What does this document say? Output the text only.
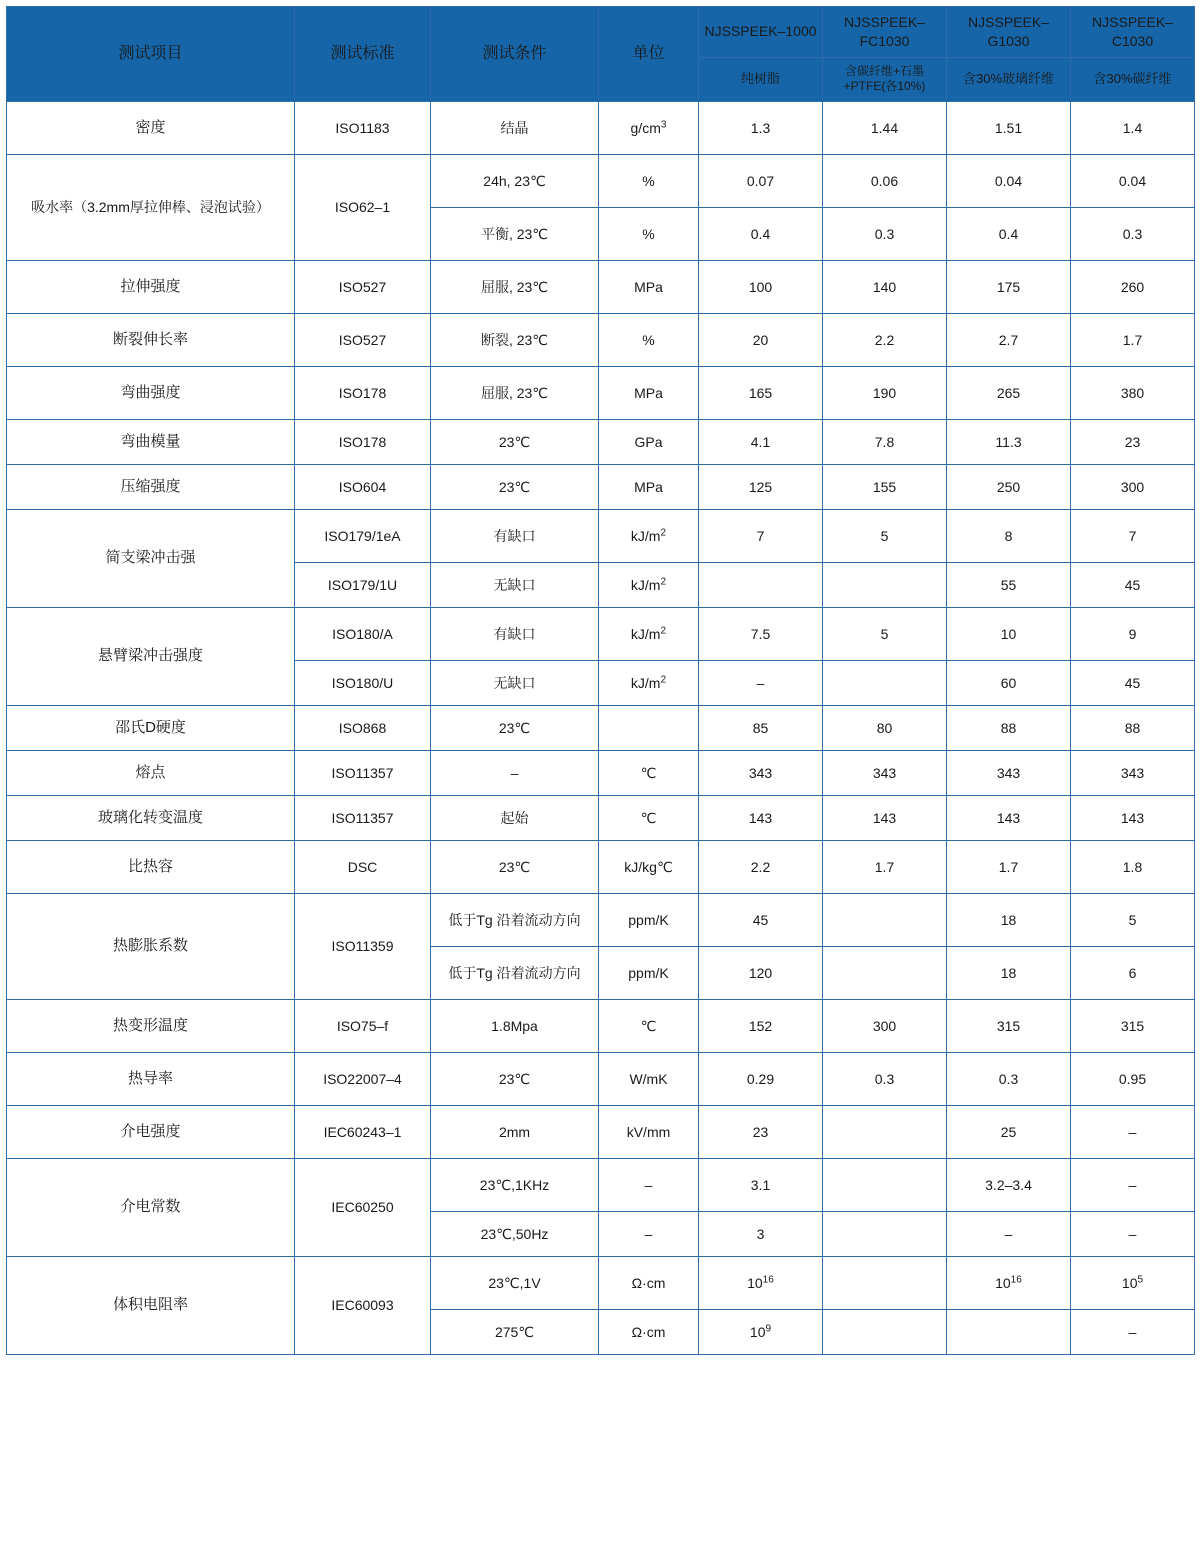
测试项目	测试标准	测试条件	单位	NJSSPEEK–1000	NJSSPEEK–FC1030	NJSSPEEK–G1030	NJSSPEEK–C1030
				纯树脂	含碳纤维+石墨+PTFE(各10%)	含30%玻璃纤维	含30%碳纤维
密度	ISO1183	结晶	$g/cm^3$	1.3	1.44	1.51	1.4
吸水率（3.2mm厚拉伸棒、浸泡试验）	ISO62–1	24h, 23℃	%	0.07	0.06	0.04	0.04
		平衡, 23℃	%	0.4	0.3	0.4	0.3
拉伸强度	ISO527	屈服, 23℃	MPa	100	140	175	260
断裂伸长率	ISO527	断裂, 23℃	%	20	2.2	2.7	1.7
弯曲强度	ISO178	屈服, 23℃	MPa	165	190	265	380
弯曲模量	ISO178	23℃	GPa	4.1	7.8	11.3	23
压缩强度	ISO604	23℃	MPa	125	155	250	300
简支梁冲击强	ISO179/1eA	有缺口	$kJ/m^2$	7	5	8	7
	ISO179/1U	无缺口	$kJ/m^2$			55	45
悬臂梁冲击强度	ISO180/A	有缺口	$kJ/m^2$	7.5	5	10	9
	ISO180/U	无缺口	$kJ/m^2$	–		60	45
邵氏D硬度	ISO868	23℃		85	80	88	88
熔点	ISO11357	–	℃	343	343	343	343
玻璃化转变温度	ISO11357	起始	℃	143	143	143	143
比热容	DSC	23℃	kJ/kg℃	2.2	1.7	1.7	1.8
热膨胀系数	ISO11359	低于Tg 沿着流动方向	ppm/K	45		18	5
		低于Tg 沿着流动方向	ppm/K	120		18	6
热变形温度	ISO75–f	1.8Mpa	℃	152	300	315	315
热导率	ISO22007–4	23℃	W/mK	0.29	0.3	0.3	0.95
介电强度	IEC60243–1	2mm	kV/mm	23		25	–
介电常数	IEC60250	23℃,1KHz	–	3.1		3.2–3.4	–
		23℃,50Hz	–	3		–	–
体积电阻率	IEC60093	23℃,1V	Ω·cm	$10^{16}$		$10^{16}$	$10^5$
		275℃	Ω·cm	$10^9$			–
